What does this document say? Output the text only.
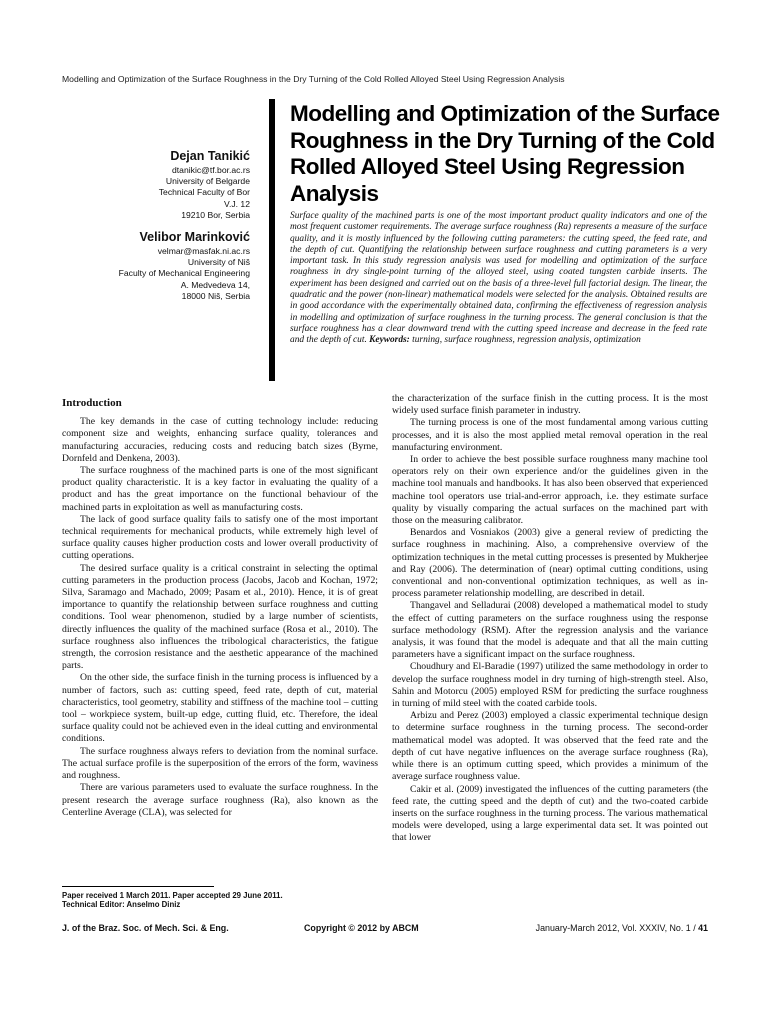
Modelling and Optimization of the Surface Roughness in the Dry Turning of the Cold Rolled Alloyed Steel Using Regression Analysis
Dejan Tanikić
dtanikic@tf.bor.ac.rs
University of Belgarde
Technical Faculty of Bor
V.J. 12
19210 Bor, Serbia
Velibor Marinković
velmar@masfak.ni.ac.rs
University of Niš
Faculty of Mechanical Engineering
A. Medvedeva 14,
18000 Niš, Serbia
Modelling and Optimization of the Surface Roughness in the Dry Turning of the Cold Rolled Alloyed Steel Using Regression Analysis
Surface quality of the machined parts is one of the most important product quality indicators and one of the most frequent customer requirements. The average surface roughness (Ra) represents a measure of the surface quality, and it is mostly influenced by the following cutting parameters: the cutting speed, the feed rate, and the depth of cut. Quantifying the relationship between surface roughness and cutting parameters is a very important task. In this study regression analysis was used for modelling and optimization of the surface roughness in dry single-point turning of the alloyed steel, using coated tungsten carbide inserts. The experiment has been designed and carried out on the basis of a three-level full factorial design. The linear, the quadratic and the power (non-linear) mathematical models were selected for the analysis. Obtained results are in good accordance with the experimentally obtained data, confirming the effectiveness of regression analysis in modelling and optimization of surface roughness in the turning process. The general conclusion is that the surface roughness has a clear downward trend with the cutting speed increase and decrease in the feed rate and the depth of cut. Keywords: turning, surface roughness, regression analysis, optimization
Introduction

The key demands in the case of cutting technology include: reducing component size and weights, enhancing surface quality, tolerances and manufacturing accuracies, reducing costs and reducing batch sizes (Byrne, Dornfeld and Denkena, 2003).

The surface roughness of the machined parts is one of the most significant product quality characteristic. It is a key factor in evaluating the quality of a product and has the great importance on the functional behaviour of the machined parts in exploitation as well as manufacturing costs.

The lack of good surface quality fails to satisfy one of the most important technical requirements for mechanical products, while extremely high level of surface quality causes higher production costs and lower overall productivity of cutting operations.

The desired surface quality is a critical constraint in selecting the optimal cutting parameters in the production process (Jacobs, Jacob and Kochan, 1972; Silva, Saramago and Machado, 2009; Pasam et al., 2010). Hence, it is of great importance to quantify the relationship between surface roughness and cutting conditions. Tool wear phenomenon, studied by a large number of scientists, directly influences the quality of the machined surface (Rosa et al., 2010). The surface roughness also influences the tribological characteristics, the fatigue strength, the corrosion resistance and the aesthetic appearance of the machined parts.

On the other side, the surface finish in the turning process is influenced by a number of factors, such as: cutting speed, feed rate, depth of cut, material characteristics, tool geometry, stability and stiffness of the machine tool – cutting tool – workpiece system, built-up edge, cutting fluid, etc. Therefore, the ideal surface quality could not be achieved even in the ideal cutting and environmental conditions.

The surface roughness always refers to deviation from the nominal surface. The actual surface profile is the superposition of the errors of the form, waviness and roughness.

There are various parameters used to evaluate the surface roughness. In the present research the average surface roughness (Ra), also known as the Centerline Average (CLA), was selected for

the characterization of the surface finish in the cutting process. It is the most widely used surface finish parameter in industry.

The turning process is one of the most fundamental among various cutting processes, and it is also the most applied metal removal operation in the real manufacturing environment.

In order to achieve the best possible surface roughness many machine tool operators rely on their own experience and/or the guidelines given in the machine tool manuals and handbooks. It has also been observed that experienced machine tool operators use trial-and-error approach, i.e. they estimate surface quality by visually comparing the actual surfaces on the machined part with those on the measuring calibrator.

Benardos and Vosniakos (2003) give a general review of predicting the surface roughness in machining. Also, a comprehensive overview of the optimization techniques in the metal cutting processes is presented by Mukherjee and Ray (2006). The determination of (near) optimal cutting conditions, using conventional and non-conventional optimization techniques, as well as in-process parameter relationship modelling, are described in detail.

Thangavel and Selladurai (2008) developed a mathematical model to study the effect of cutting parameters on the surface roughness using the response surface methodology (RSM). After the regression analysis and the variance analysis, it was found that the model is adequate and that all the main cutting parameters have a significant impact on the surface roughness.

Choudhury and El-Baradie (1997) utilized the same methodology in order to develop the surface roughness model in dry turning of high-strength steel. Also, Sahin and Motorcu (2005) employed RSM for predicting the surface roughness in turning of mild steel with the coated carbide tools.

Arbizu and Perez (2003) employed a classic experimental technique design to determine surface roughness in the turning process. The second-order mathematical model was adopted. It was observed that the feed rate and the depth of cut have negative influences on the average surface roughness (Ra), while there is an optimum cutting speed, which provides a minimum of the average surface roughness value.

Cakir et al. (2009) investigated the influences of the cutting parameters (the feed rate, the cutting speed and the depth of cut) and the two-coated carbide inserts on the surface roughness in the turning process. The various mathematical models were developed, using a large experimental data set. It was pointed out that lower

Paper received 1 March 2011. Paper accepted 29 June 2011.
Technical Editor: Anselmo Diniz
J. of the Braz. Soc. of Mech. Sci. & Eng.	Copyright © 2012 by ABCM	January-March 2012, Vol. XXXIV, No. 1 / 41
